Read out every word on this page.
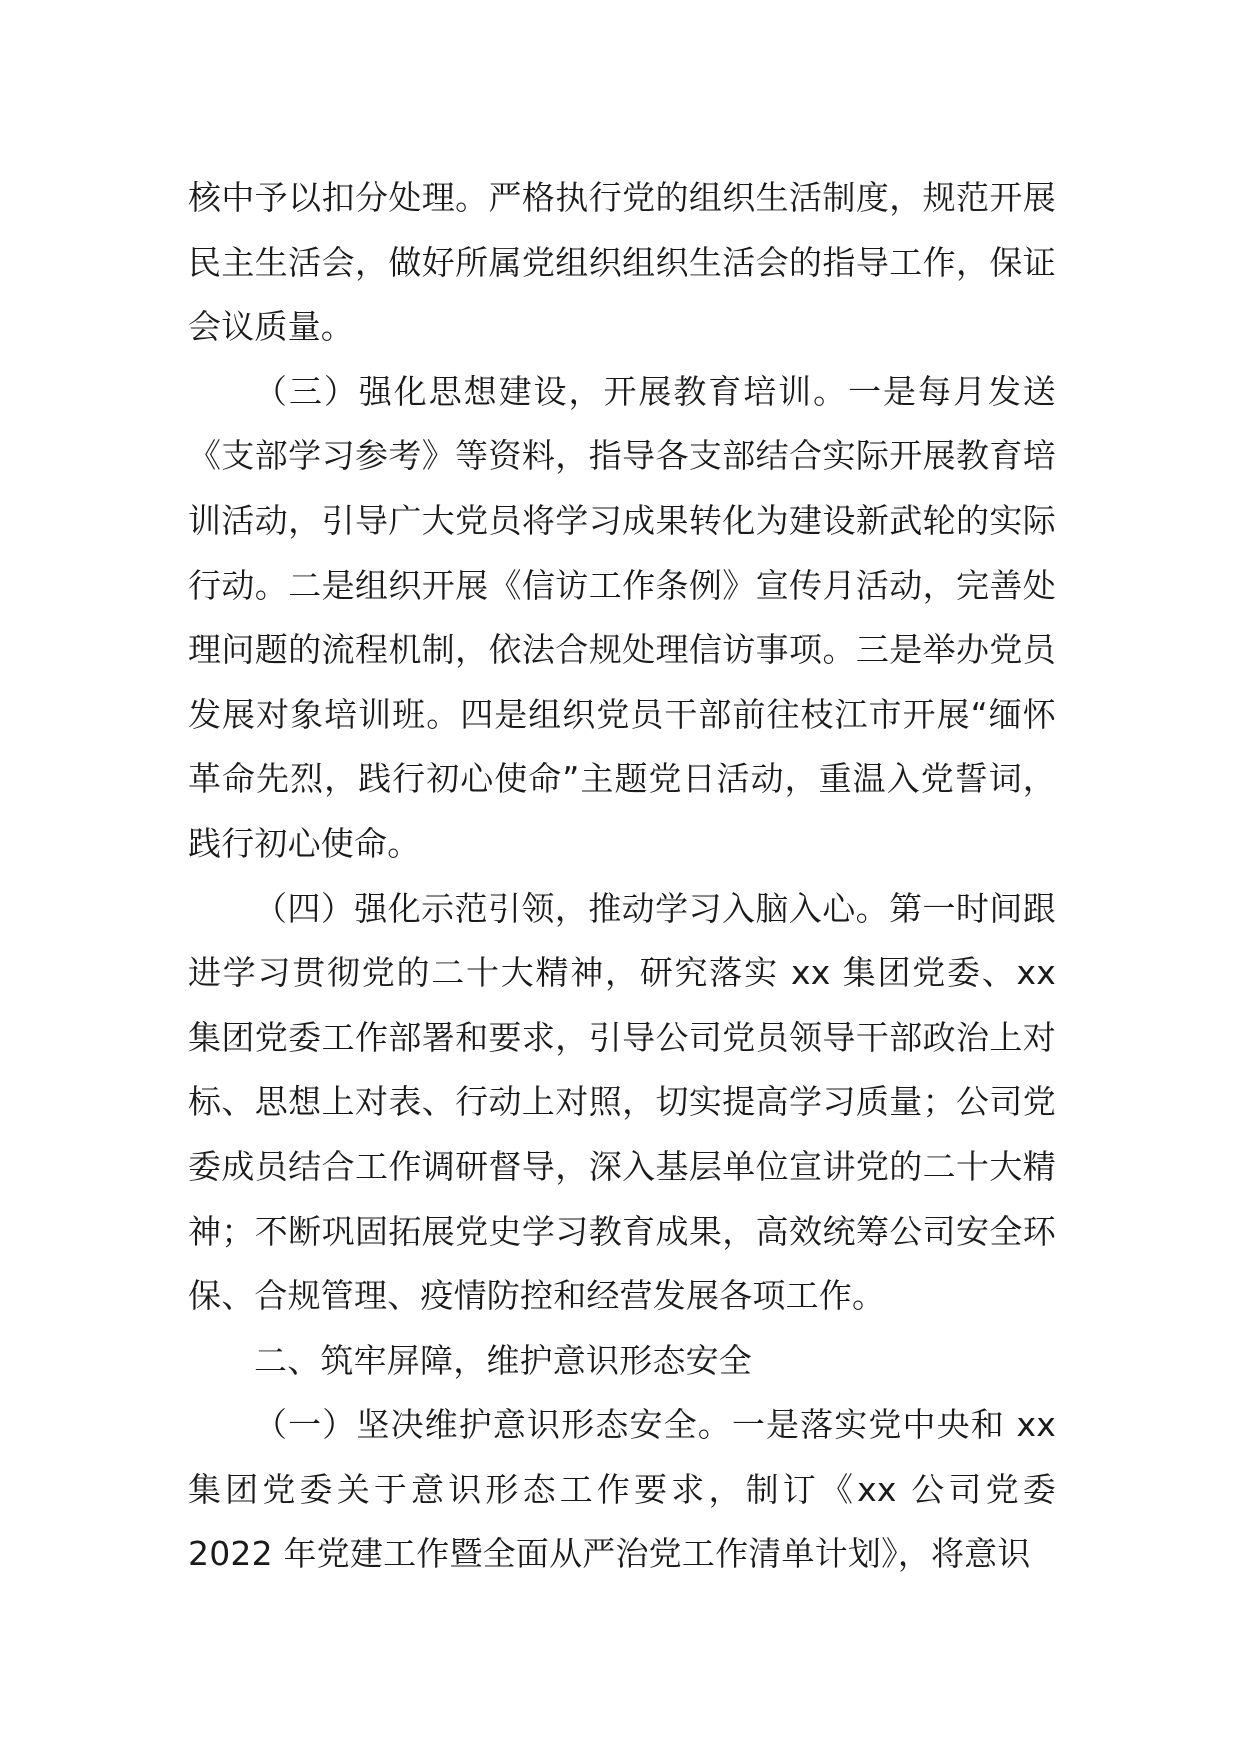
核中予以扣分处理。严格执行党的组织生活制度，规范开展民主生活会，做好所属党组织组织生活会的指导工作，保证会议质量。

（三）强化思想建设，开展教育培训。一是每月发送《支部学习参考》等资料，指导各支部结合实际开展教育培训活动，引导广大党员将学习成果转化为建设新武轮的实际行动。二是组织开展《信访工作条例》宣传月活动，完善处理问题的流程机制，依法合规处理信访事项。三是举办党员发展对象培训班。四是组织党员干部前往枝江市开展“缅怀革命先烈，践行初心使命”主题党日活动，重温入党誓词，践行初心使命。

（四）强化示范引领，推动学习入脑入心。第一时间跟进学习贯彻党的二十大精神，研究落实 xx 集团党委、xx 集团党委工作部署和要求，引导公司党员领导干部政治上对标、思想上对表、行动上对照，切实提高学习质量；公司党委成员结合工作调研督导，深入基层单位宣讲党的二十大精神；不断巩固拓展党史学习教育成果，高效统筹公司安全环保、合规管理、疫情防控和经营发展各项工作。

二、筑牢屏障，维护意识形态安全

（一）坚决维护意识形态安全。一是落实党中央和 xx 集团党委关于意识形态工作要求，制订《xx 公司党委 2022 年党建工作暨全面从严治党工作清单计划》，将意识
